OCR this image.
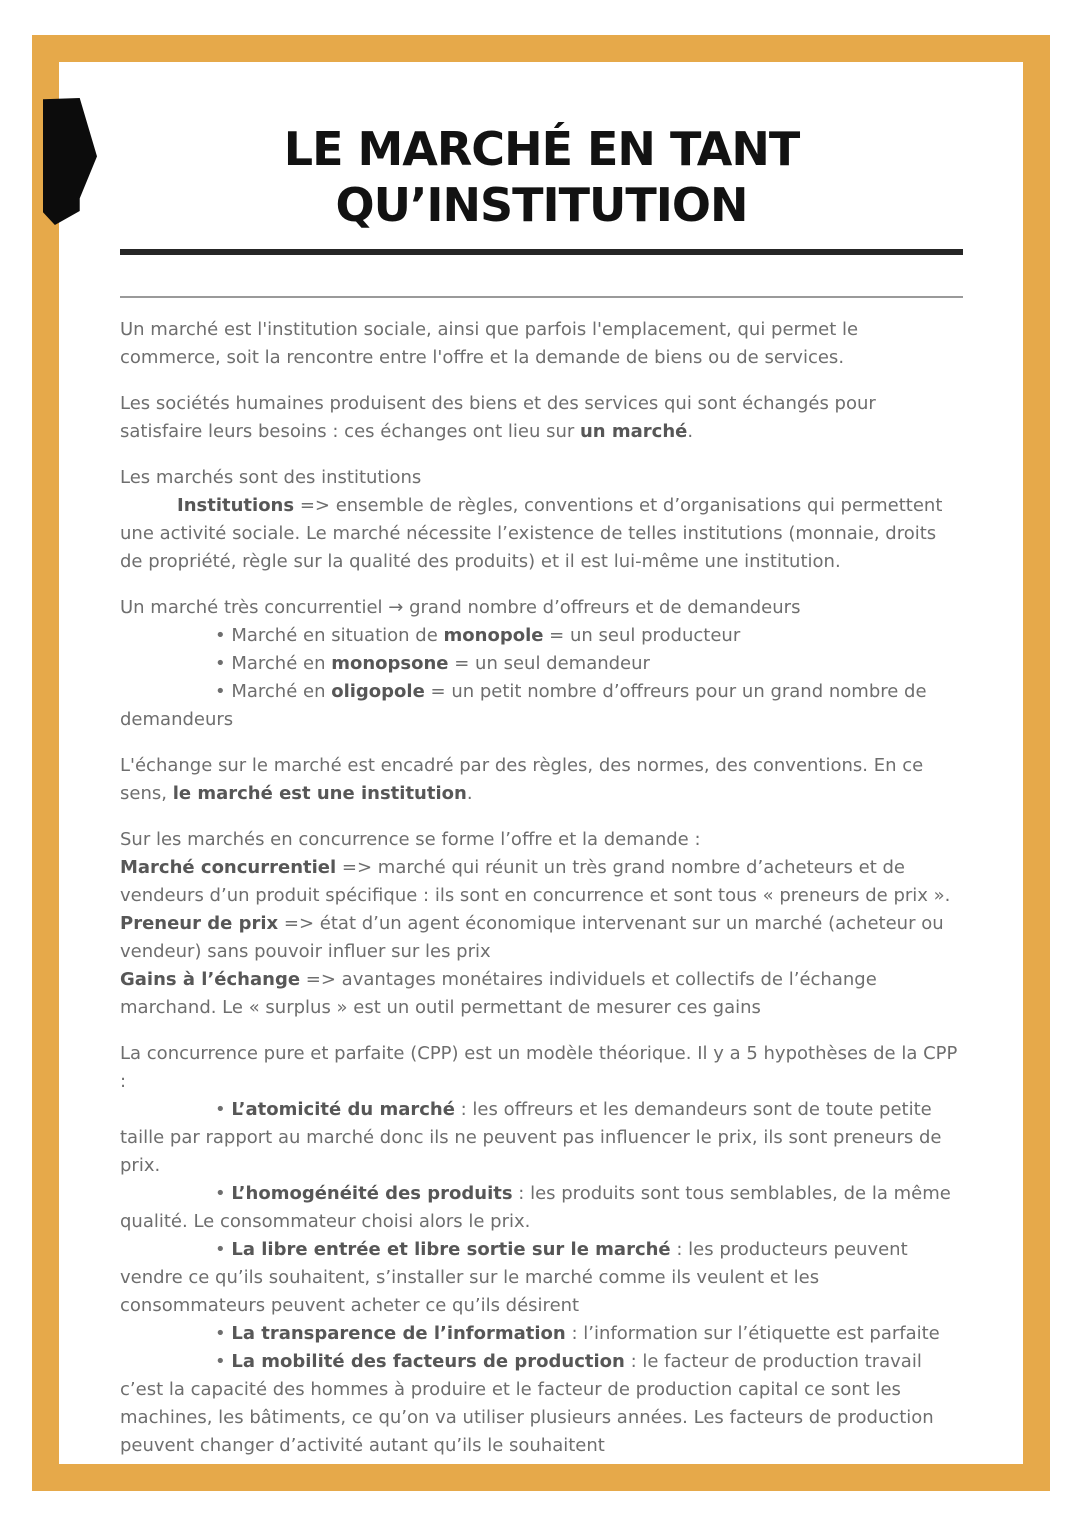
LE MARCHÉ EN TANT
QU’INSTITUTION

Un marché est l'institution sociale, ainsi que parfois l'emplacement, qui permet le commerce, soit la rencontre entre l'offre et la demande de biens ou de services.

Les sociétés humaines produisent des biens et des services qui sont échangés pour satisfaire leurs besoins : ces échanges ont lieu sur un marché.

Les marchés sont des institutions

Institutions => ensemble de règles, conventions et d’organisations qui permettent une activité sociale. Le marché nécessite l’existence de telles institutions (monnaie, droits de propriété, règle sur la qualité des produits) et il est lui-même une institution.

Un marché très concurrentiel → grand nombre d’offreurs et de demandeurs

• Marché en situation de monopole = un seul producteur

• Marché en monopsone = un seul demandeur

• Marché en oligopole = un petit nombre d’offreurs pour un grand nombre de demandeurs

L'échange sur le marché est encadré par des règles, des normes, des conventions. En ce sens, le marché est une institution.

Sur les marchés en concurrence se forme l’offre et la demande :

Marché concurrentiel => marché qui réunit un très grand nombre d’acheteurs et de vendeurs d’un produit spécifique : ils sont en concurrence et sont tous « preneurs de prix ».

Preneur de prix => état d’un agent économique intervenant sur un marché (acheteur ou vendeur) sans pouvoir influer sur les prix

Gains à l’échange => avantages monétaires individuels et collectifs de l’échange marchand. Le « surplus » est un outil permettant de mesurer ces gains

La concurrence pure et parfaite (CPP) est un modèle théorique. Il y a 5 hypothèses de la CPP :

• L’atomicité du marché : les offreurs et les demandeurs sont de toute petite taille par rapport au marché donc ils ne peuvent pas influencer le prix, ils sont preneurs de prix.

• L’homogénéité des produits : les produits sont tous semblables, de la même qualité. Le consommateur choisi alors le prix.

• La libre entrée et libre sortie sur le marché : les producteurs peuvent vendre ce qu’ils souhaitent, s’installer sur le marché comme ils veulent et les consommateurs peuvent acheter ce qu’ils désirent

• La transparence de l’information : l’information sur l’étiquette est parfaite

• La mobilité des facteurs de production : le facteur de production travail c’est la capacité des hommes à produire et le facteur de production capital ce sont les machines, les bâtiments, ce qu’on va utiliser plusieurs années. Les facteurs de production peuvent changer d’activité autant qu’ils le souhaitent
